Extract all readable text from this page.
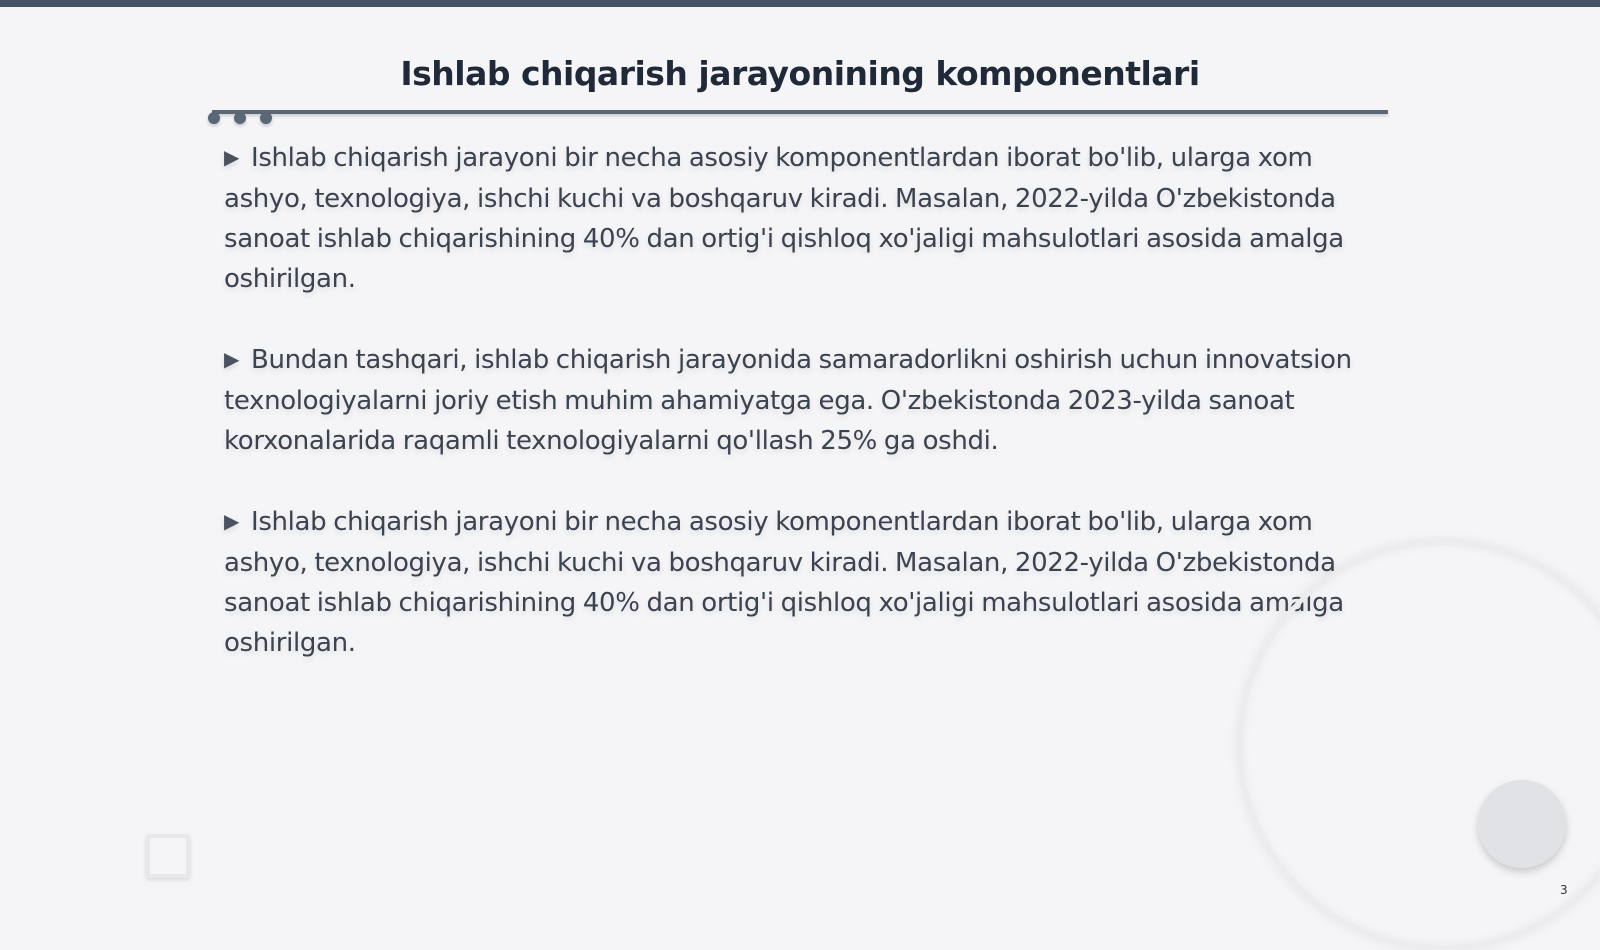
Ishlab chiqarish jarayonining komponentlari

▶ Ishlab chiqarish jarayoni bir necha asosiy komponentlardan iborat bo'lib, ularga xom ashyo, texnologiya, ishchi kuchi va boshqaruv kiradi. Masalan, 2022-yilda O'zbekistonda sanoat ishlab chiqarishining 40% dan ortig'i qishloq xo'jaligi mahsulotlari asosida amalga oshirilgan.

▶ Bundan tashqari, ishlab chiqarish jarayonida samaradorlikni oshirish uchun innovatsion texnologiyalarni joriy etish muhim ahamiyatga ega. O'zbekistonda 2023-yilda sanoat korxonalarida raqamli texnologiyalarni qo'llash 25% ga oshdi.

▶ Ishlab chiqarish jarayoni bir necha asosiy komponentlardan iborat bo'lib, ularga xom ashyo, texnologiya, ishchi kuchi va boshqaruv kiradi. Masalan, 2022-yilda O'zbekistonda sanoat ishlab chiqarishining 40% dan ortig'i qishloq xo'jaligi mahsulotlari asosida amalga oshirilgan.

3
